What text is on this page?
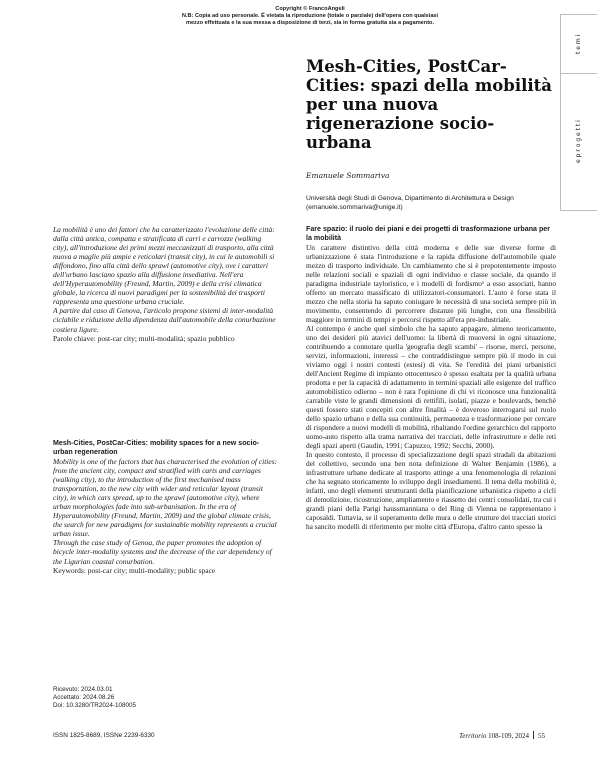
Copyright © FrancoAngeli
N.B: Copia ad uso personale. È vietata la riproduzione (totale o parziale) dell'opera con qualsiasi
mezzo effettuata e la sua messa a disposizione di terzi, sia in forma gratuita sia a pagamento.
t e m i
e p r o g e t t i
Mesh-Cities, PostCar-Cities: spazi della mobilità per una nuova rigenerazione socio-urbana
Emanuele Sommariva
Università degli Studi di Genova, Dipartimento di Architettura e Design
(emanuele.sommariva@unige.it)

La mobilità è uno dei fattori che ha caratterizzato l'evoluzione delle città: dalla città antica, compatta e stratificata di carri e carrozze (walking city), all'introduzione dei primi mezzi meccanizzati di trasporto, alla città nuova a maglie più ampie e reticolari (transit city), in cui le automobili si diffondono, fino alla città dello sprawl (automotive city), ove i caratteri dell'urbano lasciano spazio alla diffusione insediativa. Nell'era dell'Hyperautomobility (Freund, Martin, 2009) e della crisi climatica globale, la ricerca di nuovi paradigmi per la sostenibilità dei trasporti rappresenta una questione urbana cruciale.

A partire dal caso di Genova, l'articolo propone sistemi di inter-modalità ciclabile e riduzione della dipendenza dall'automobile della conurbazione costiera ligure.

Parole chiave: post-car city; multi-modalità; spazio pubblico

Mesh-Cities, PostCar-Cities: mobility spaces for a new socio-urban regeneration

Mobility is one of the factors that has characterised the evolution of cities: from the ancient city, compact and stratified with carts and carriages (walking city), to the introduction of the first mechanised mass transportation, to the new city with wider and reticular layout (transit city), in which cars spread, up to the sprawl (automotive city), where urban morphologies fade into sub-urbanisation. In the era of Hyperautomobility (Freund, Martin, 2009) and the global climate crisis, the search for new paradigms for sustainable mobility represents a crucial urban issue.

Through the case study of Genoa, the paper promotes the adoption of bicycle inter-modality systems and the decrease of the car dependency of the Ligurian coastal conurbation.

Keywords: post-car city; multi-modality; public space

Ricevuto: 2024.03.01
Accettato: 2024.08.26
Doi: 10.3280/TR2024-108005
Fare spazio: il ruolo dei piani e dei progetti di trasformazione urbana per la mobilità

Un carattere distintivo della città moderna e delle sue diverse forme di urbanizzazione è stata l'introduzione e la rapida diffusione dell'automobile quale mezzo di trasporto individuale. Un cambiamento che si è prepotentemente imposto nelle relazioni sociali e spaziali di ogni individuo e classe sociale, da quando il paradigma industriale tayloristico, e i modelli di fordismo¹ a esso associati, hanno offerto un mercato massificato di utilizzatori-consumatori. L'auto è forse stata il mezzo che nella storia ha saputo coniugare le necessità di una società sempre più in movimento, consentendo di percorrere distanze più lunghe, con una flessibilità maggiore in termini di tempi e percorsi rispetto all'era pre-industriale.

Al contempo è anche quel simbolo che ha saputo appagare, almeno teoricamente, uno dei desideri più atavici dell'uomo: la libertà di muoversi in ogni situazione, contribuendo a connotare quella 'geografia degli scambi' – risorse, merci, persone, servizi, informazioni, interessi – che contraddistingue sempre più il modo in cui viviamo oggi i nostri contesti (estesi) di vita. Se l'eredità dei piani urbanistici dell'Ancient Regime di impianto ottocentesco è spesso esaltata per la qualità urbana prodotta e per la capacità di adattamento in termini spaziali alle esigenze del traffico automobilistico odierno – non è rara l'opinione di chi vi riconosce una funzionalità carrabile viste le grandi dimensioni di rettifili, isolati, piazze e boulevards, benché questi fossero stati concepiti con altre finalità – è doveroso interrogarsi sul ruolo dello spazio urbano e della sua continuità, permanenza e trasformazione per cercare di rispondere a nuovi modelli di mobilità, ribaltando l'ordine gerarchico del rapporto uomo-auto rispetto alla trama narrativa dei tracciati, delle infrastrutture e delle reti degli spazi aperti (Gaudin, 1991; Capuzzo, 1992; Secchi, 2000).

In questo contesto, il processo di specializzazione degli spazi stradali da abitazioni del collettivo, secondo una ben nota definizione di Walter Benjamin (1986), a infrastrutture urbane dedicate al trasporto attinge a una fenomenologia di relazioni che ha segnato storicamente lo sviluppo degli insediamenti. Il tema della mobilità è, infatti, uno degli elementi strutturanti della pianificazione urbanistica rispetto a cicli di demolizione, ricostruzione, ampliamento e riassetto dei centri consolidati, tra cui i grandi piani della Parigi haussmanniana o del Ring di Vienna ne rappresentano i caposaldi. Tuttavia, se il superamento delle mura o delle strutture dei tracciati storici ha sancito modelli di riferimento per molte città d'Europa, d'altro canto spesso la

ISSN 1825-8689, ISSNe 2239-6330	Territorio 108-109, 2024 55
